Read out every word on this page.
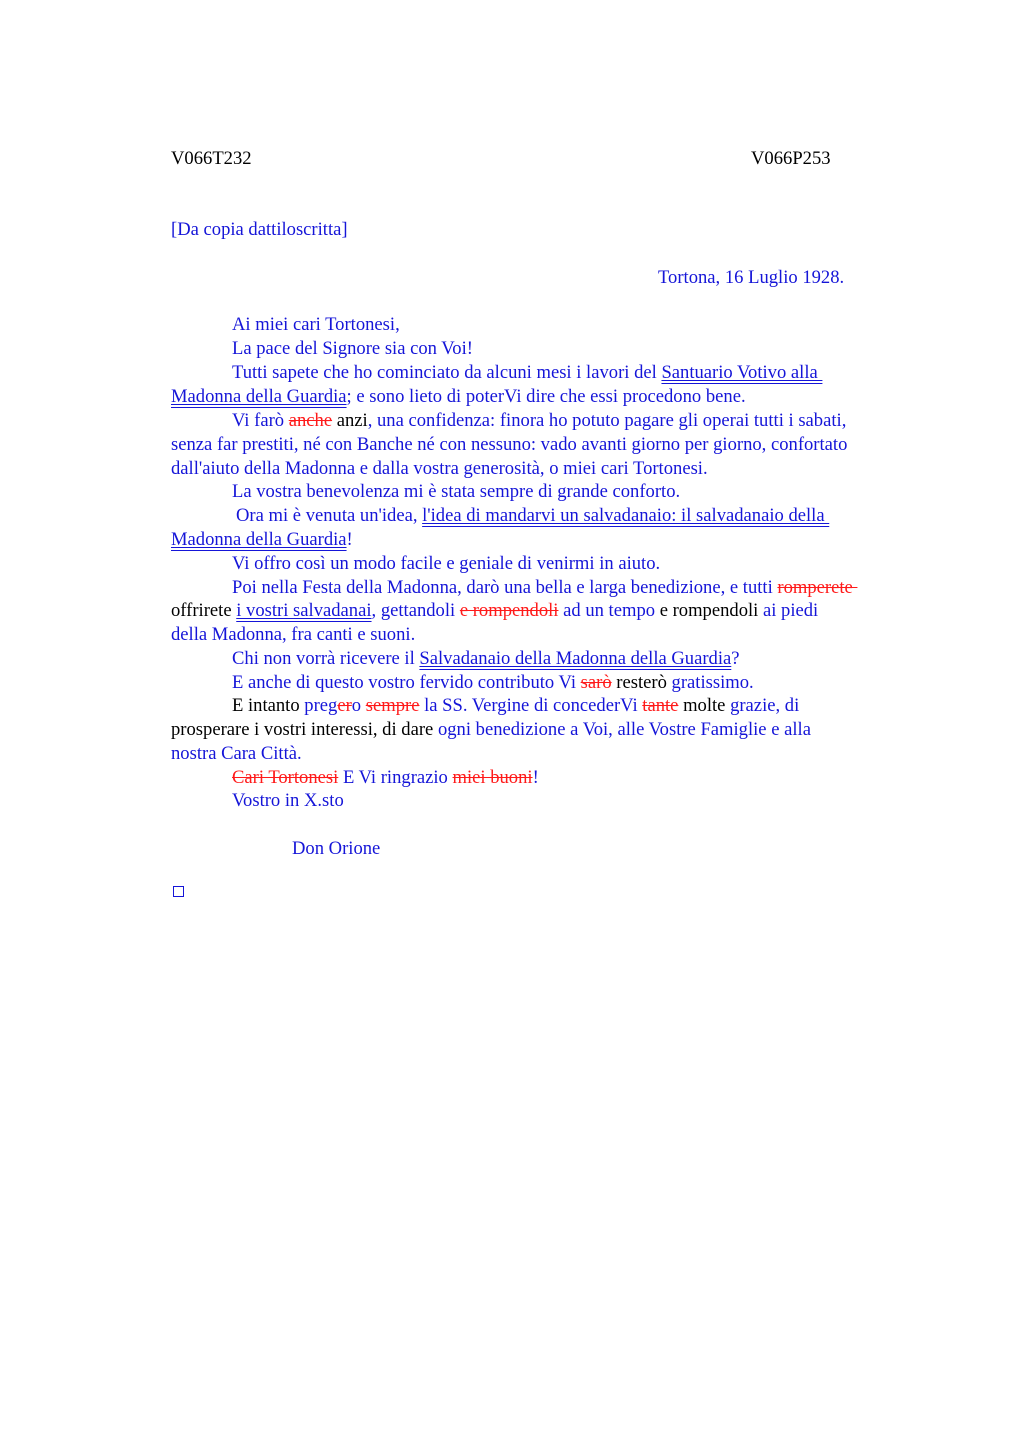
V066T232	V066P253
[Da copia dattiloscritta]
Tortona, 16 Luglio 1928.
Ai miei cari Tortonesi,
La pace del Signore sia con Voi!
Tutti sapete che ho cominciato da alcuni mesi i lavori del Santuario Votivo alla
Madonna della Guardia; e sono lieto di poterVi dire che essi procedono bene.
Vi farò anche anzi, una confidenza: finora ho potuto pagare gli operai tutti i sabati,
senza far prestiti, né con Banche né con nessuno: vado avanti giorno per giorno, confortato
dall'aiuto della Madonna e dalla vostra generosità, o miei cari Tortonesi.
La vostra benevolenza mi è stata sempre di grande conforto.
Ora mi è venuta un'idea, l'idea di mandarvi un salvadanaio: il salvadanaio della
Madonna della Guardia!
Vi offro così un modo facile e geniale di venirmi in aiuto.
Poi nella Festa della Madonna, darò una bella e larga benedizione, e tutti romperete
offrirete i vostri salvadanai, gettandoli e rompendoli ad un tempo e rompendoli ai piedi
della Madonna, fra canti e suoni.
Chi non vorrà ricevere il Salvadanaio della Madonna della Guardia?
E anche di questo vostro fervido contributo Vi sarò resterò gratissimo.
E intanto pregero sempre la SS. Vergine di concederVi tante molte grazie, di
prosperare i vostri interessi, di dare ogni benedizione a Voi, alle Vostre Famiglie e alla
nostra Cara Città.
Cari Tortonesi E Vi ringrazio miei buoni!
Vostro in X.sto
Don Orione
